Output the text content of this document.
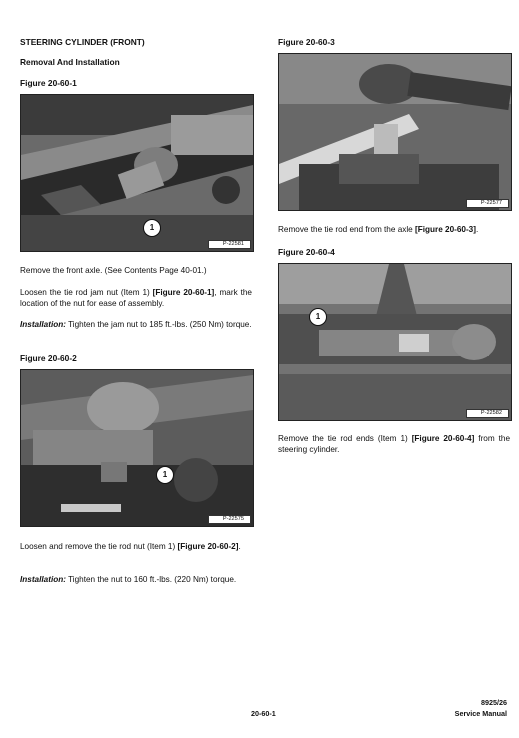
STEERING CYLINDER (FRONT)
Removal And Installation
Figure 20-60-1
1
P-22581
Remove the front axle. (See Contents Page 40-01.)
Loosen the tie rod jam nut (Item 1) [Figure 20-60-1], mark the location of the nut for ease of assembly.
Installation: Tighten the jam nut to 185 ft.-lbs. (250 Nm) torque.
Figure 20-60-2
1
P-22575
Loosen and remove the tie rod nut (Item 1) [Figure 20-60-2].
Installation: Tighten the nut to 160 ft.-lbs. (220 Nm) torque.
Figure 20-60-3
P-22577
Remove the tie rod end from the axle [Figure 20-60-3].
Figure 20-60-4
1
P-22582
Remove the tie rod ends (Item 1) [Figure 20-60-4] from the steering cylinder.
20-60-1
8925/26
Service Manual
